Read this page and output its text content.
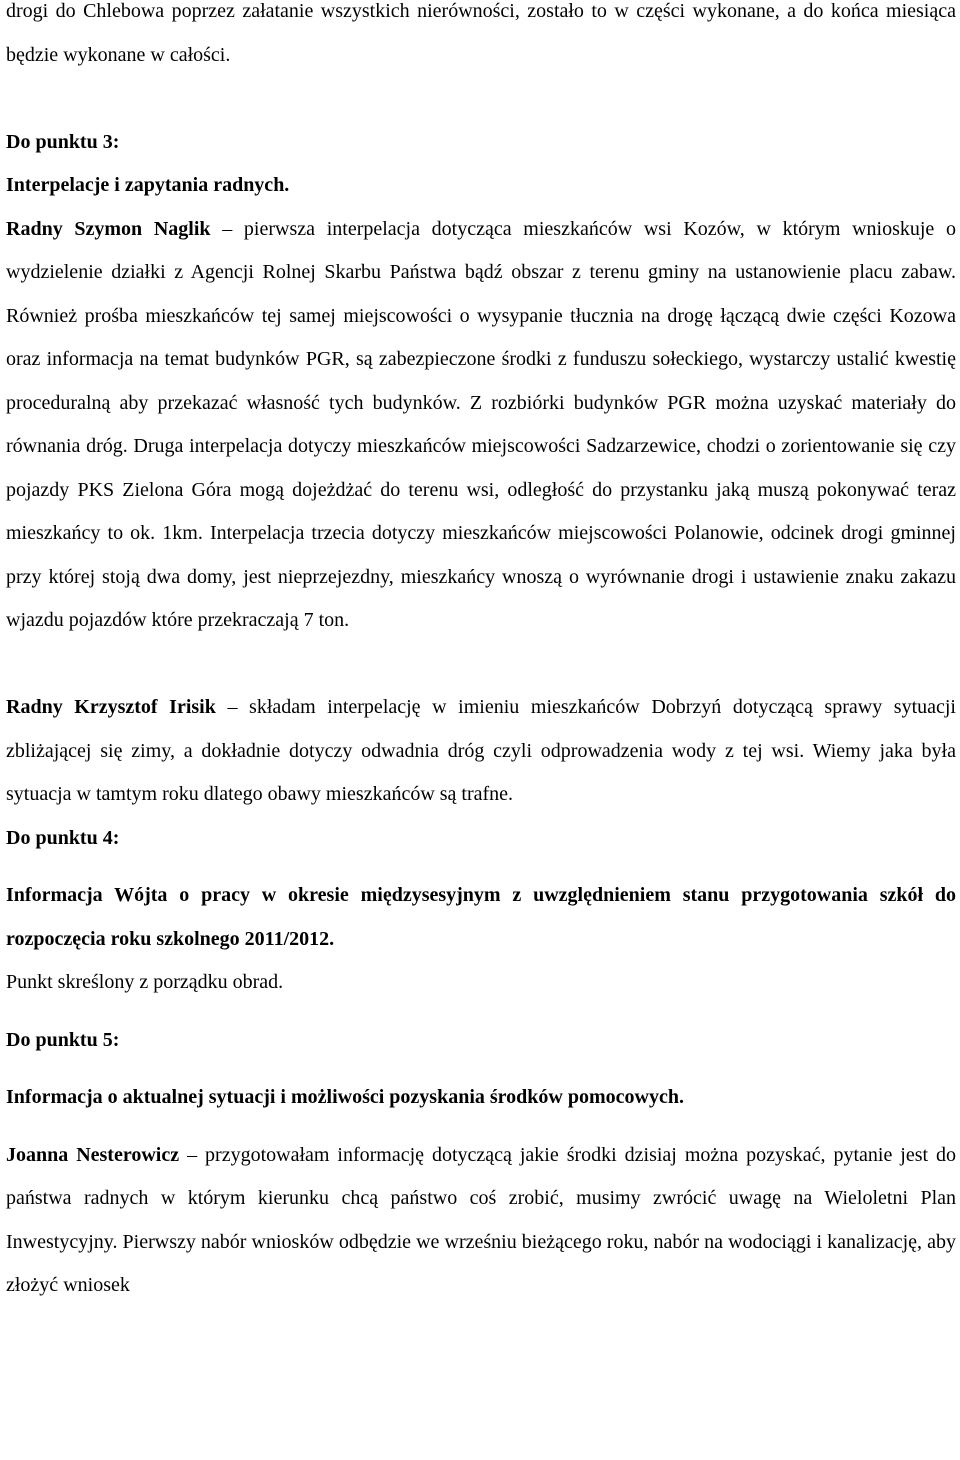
drogi do Chlebowa poprzez załatanie wszystkich nierówności, zostało to w części wykonane, a do końca miesiąca będzie wykonane w całości.

Do punktu 3:

Interpelacje i zapytania radnych.

Radny Szymon Naglik – pierwsza interpelacja dotycząca mieszkańców wsi Kozów, w którym wnioskuje o wydzielenie działki z Agencji Rolnej Skarbu Państwa bądź obszar z terenu gminy na ustanowienie placu zabaw. Również prośba mieszkańców tej samej miejscowości o wysypanie tłucznia na drogę łączącą dwie części Kozowa oraz informacja na temat budynków PGR, są zabezpieczone środki z funduszu sołeckiego, wystarczy ustalić kwestię proceduralną aby przekazać własność tych budynków. Z rozbiórki budynków PGR można uzyskać materiały do równania dróg. Druga interpelacja dotyczy mieszkańców miejscowości Sadzarzewice, chodzi o zorientowanie się czy pojazdy PKS Zielona Góra mogą dojeżdżać do terenu wsi, odległość do przystanku jaką muszą pokonywać teraz mieszkańcy to ok. 1km. Interpelacja trzecia dotyczy mieszkańców miejscowości Polanowie, odcinek drogi gminnej przy której stoją dwa domy, jest nieprzejezdny, mieszkańcy wnoszą o wyrównanie drogi i ustawienie znaku zakazu wjazdu pojazdów które przekraczają 7 ton.

Radny Krzysztof Irisik – składam interpelację w imieniu mieszkańców Dobrzyń dotyczącą sprawy sytuacji zbliżającej się zimy, a dokładnie dotyczy odwadnia dróg czyli odprowadzenia wody z tej wsi. Wiemy jaka była sytuacja w tamtym roku dlatego obawy mieszkańców są trafne.

Do punktu 4:

Informacja Wójta o pracy w okresie międzysesyjnym z uwzględnieniem stanu przygotowania szkół do rozpoczęcia roku szkolnego 2011/2012.

Punkt skreślony z porządku obrad.

Do punktu 5:

Informacja o aktualnej sytuacji i możliwości pozyskania środków pomocowych.

Joanna Nesterowicz – przygotowałam informację dotyczącą jakie środki dzisiaj można pozyskać, pytanie jest do państwa radnych w którym kierunku chcą państwo coś zrobić, musimy zwrócić uwagę na Wieloletni Plan Inwestycyjny. Pierwszy nabór wniosków odbędzie we wrześniu bieżącego roku, nabór na wodociągi i kanalizację, aby złożyć wniosek
